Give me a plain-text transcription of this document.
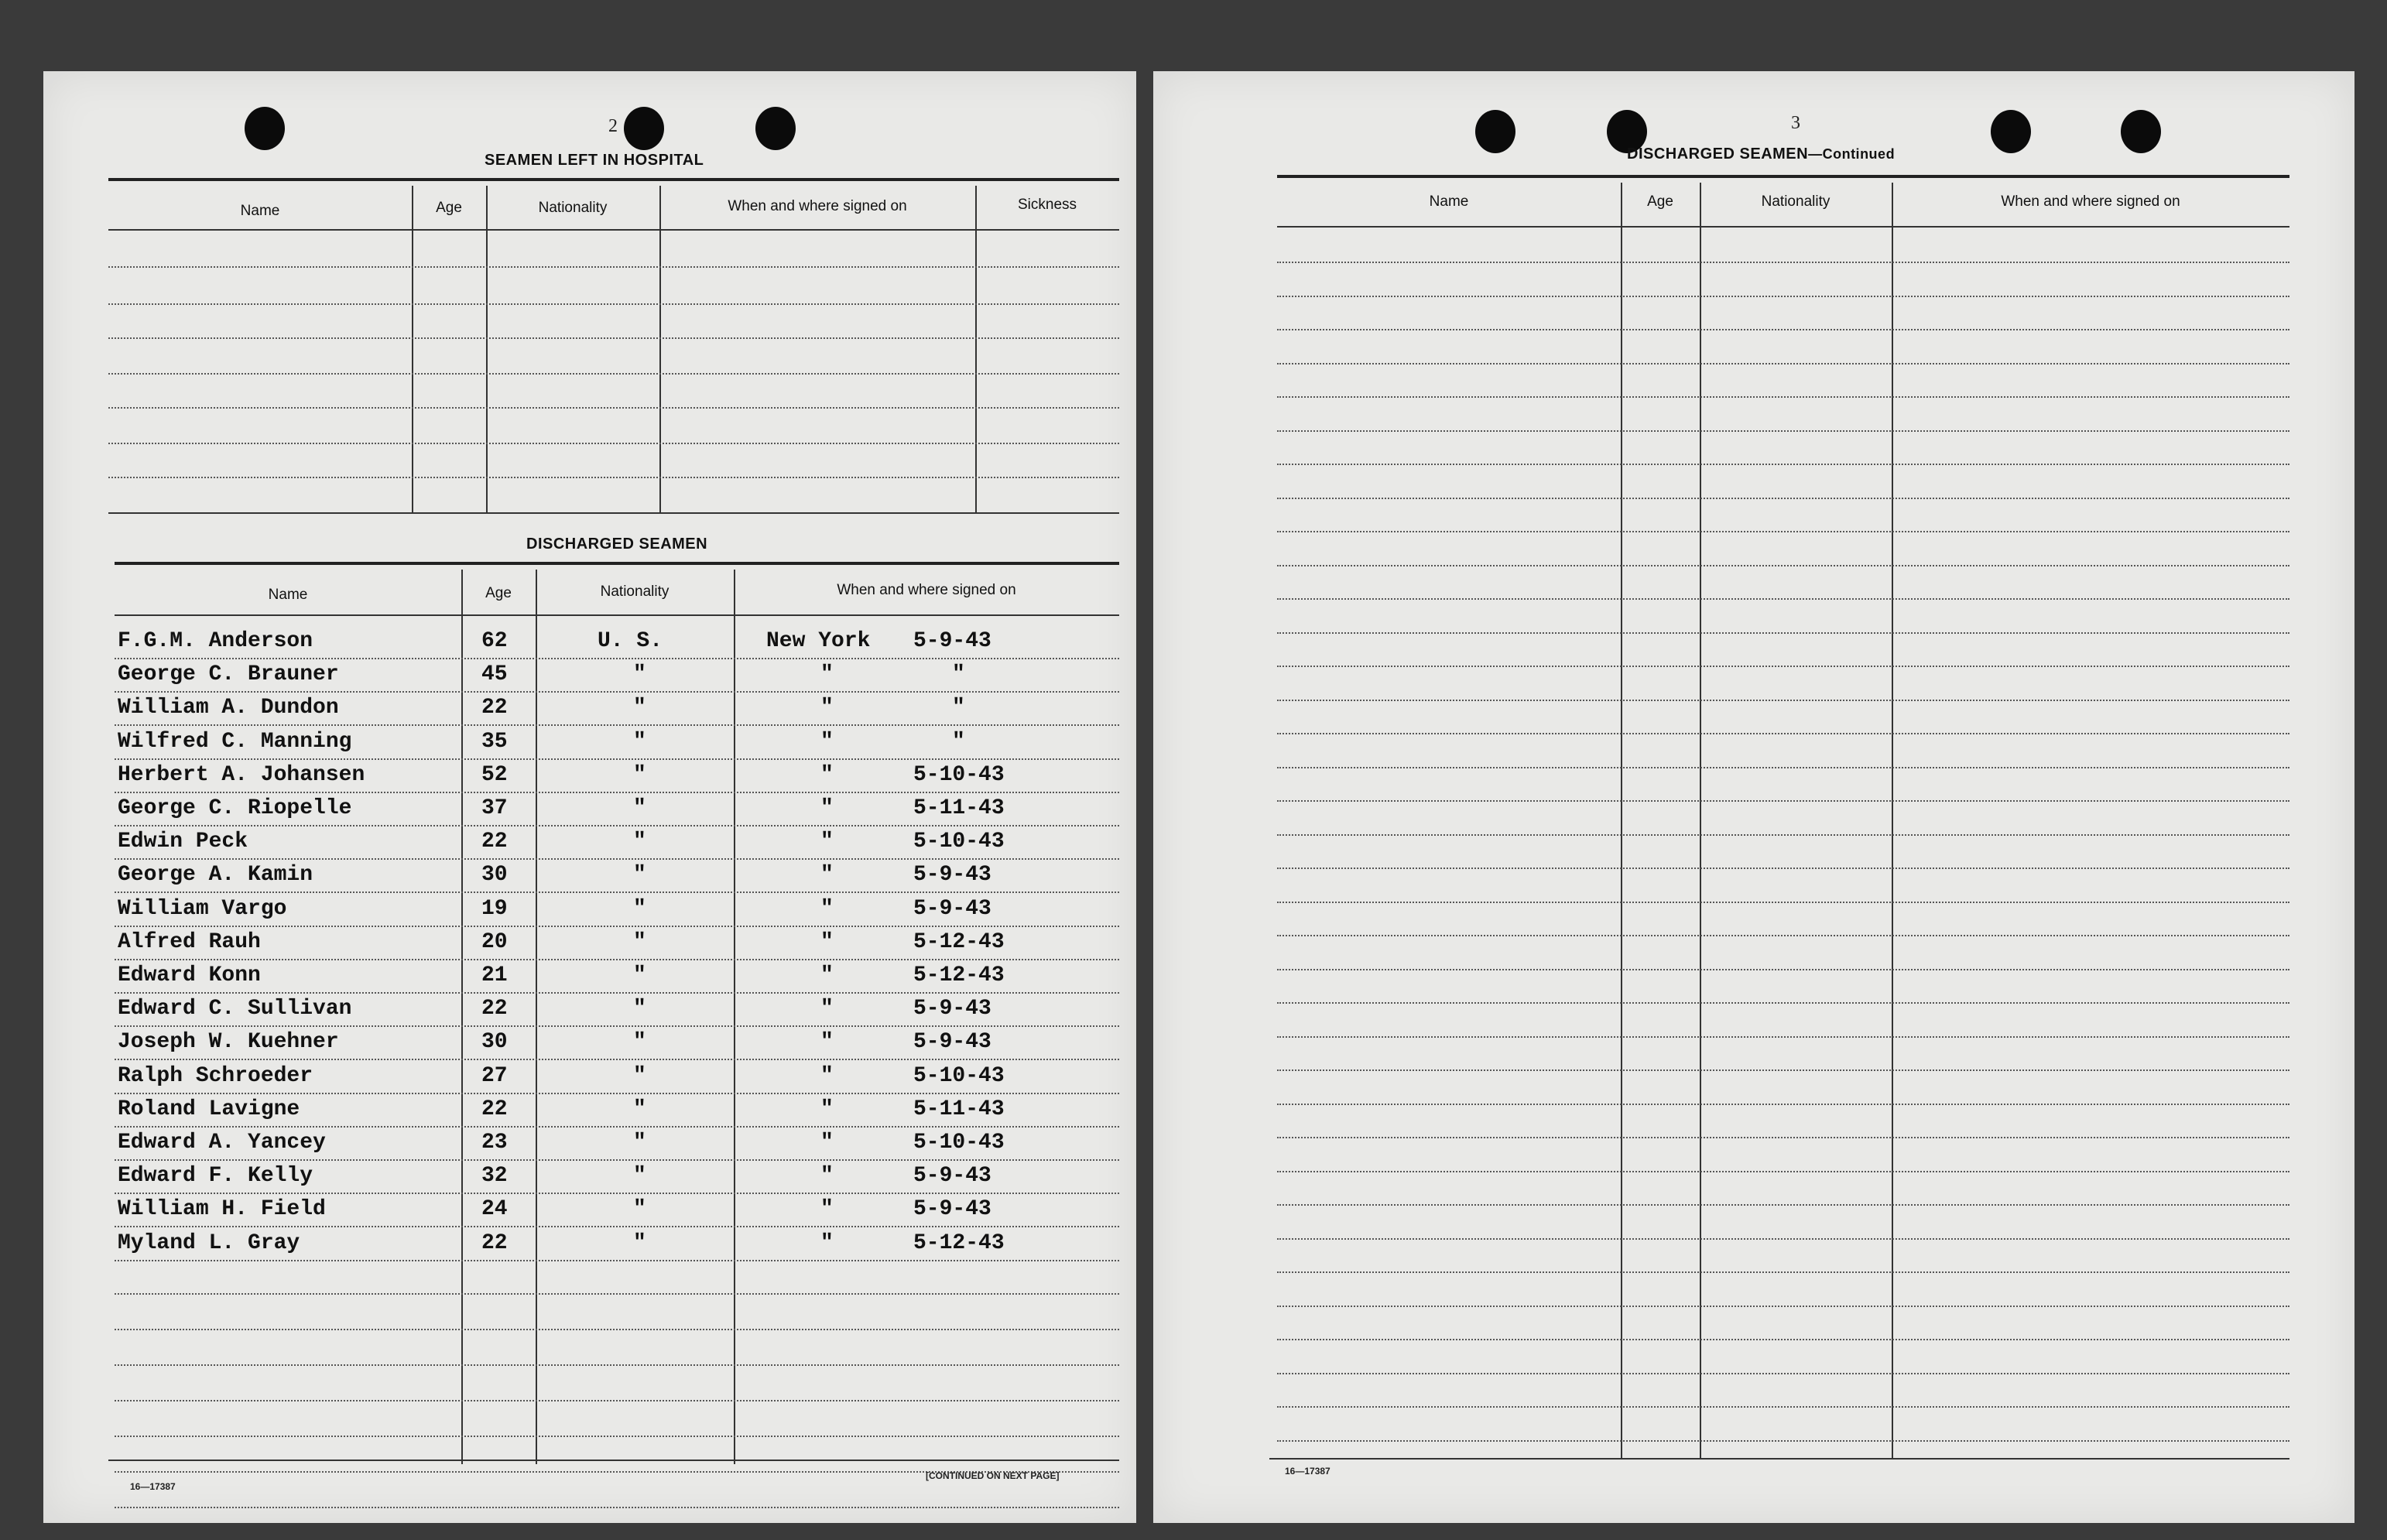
2
SEAMEN LEFT IN HOSPITAL
Name	Age	Nationality	When and where signed on	Sickness
DISCHARGED SEAMEN
Name	Age	Nationality	When and where signed on
F.G.M. Anderson	62	U. S.	New York 5-9-43
George C. Brauner	45	"	"	"
William A. Dundon	22	"	"	"
Wilfred C. Manning	35	"	"	"
Herbert A. Johansen	52	"	"	5-10-43
George C. Riopelle	37	"	"	5-11-43
Edwin Peck	22	"	"	5-10-43
George A. Kamin	30	"	"	5-9-43
William Vargo	19	"	"	5-9-43
Alfred Rauh	20	"	"	5-12-43
Edward Konn	21	"	"	5-12-43
Edward C. Sullivan	22	"	"	5-9-43
Joseph W. Kuehner	30	"	"	5-9-43
Ralph Schroeder	27	"	"	5-10-43
Roland Lavigne	22	"	"	5-11-43
Edward A. Yancey	23	"	"	5-10-43
Edward F. Kelly	32	"	"	5-9-43
William H. Field	24	"	"	5-9-43
Myland L. Gray	22	"	"	5-12-43
16—17387
[CONTINUED ON NEXT PAGE]
3
DISCHARGED SEAMEN—Continued
Name	Age	Nationality	When and where signed on
16—17387
